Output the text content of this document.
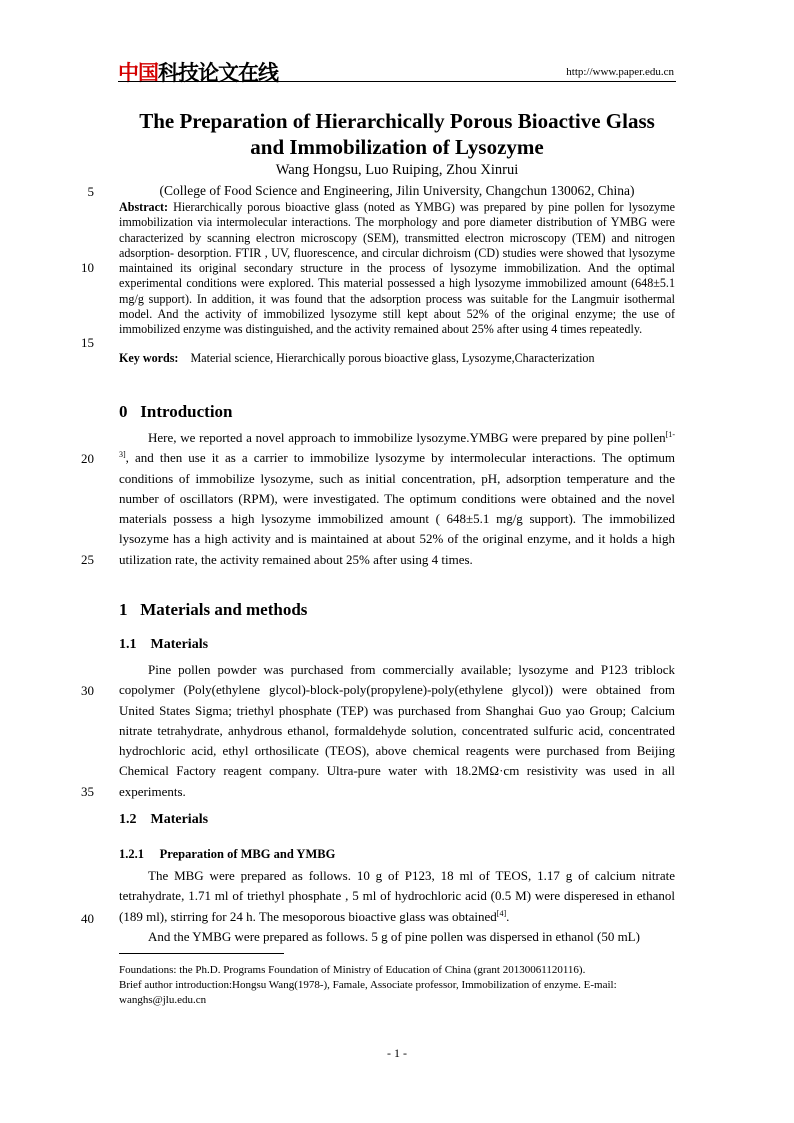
中国科技论文在线	http://www.paper.edu.cn
The Preparation of Hierarchically Porous Bioactive Glass
and Immobilization of Lysozyme
Wang Hongsu, Luo Ruiping, Zhou Xinrui
(College of Food Science and Engineering, Jilin University, Changchun 130062, China)
5
10
15
20
25
30
35
40
Abstract: Hierarchically porous bioactive glass (noted as YMBG) was prepared by pine pollen for lysozyme immobilization via intermolecular interactions. The morphology and pore diameter distribution of YMBG were characterized by scanning electron microscopy (SEM), transmitted electron microscopy (TEM) and nitrogen adsorption- desorption. FTIR , UV, fluorescence, and circular dichroism (CD) studies were showed that lysozyme maintained its original secondary structure in the process of lysozyme immobilization. And the optimal experimental conditions were explored. This material possessed a high lysozyme immobilized amount (648±5.1 mg/g support). In addition, it was found that the adsorption process was suitable for the Langmuir isothermal model. And the activity of immobilized lysozyme still kept about 52% of the original enzyme; the use of immobilized enzyme was distinguished, and the activity remained about 25% after using 4 times repeatedly.
Key words: Material science, Hierarchically porous bioactive glass, Lysozyme,Characterization
0   Introduction
Here, we reported a novel approach to immobilize lysozyme.YMBG were prepared by pine pollen[1-3], and then use it as a carrier to immobilize lysozyme by intermolecular interactions. The optimum conditions of immobilize lysozyme, such as initial concentration, pH, adsorption temperature and the number of oscillators (RPM), were investigated. The optimum conditions were obtained and the novel materials possess a high lysozyme immobilized amount ( 648±5.1 mg/g support). The immobilized lysozyme has a high activity and is maintained at about 52% of the original enzyme, and it holds a high utilization rate, the activity remained about 25% after using 4 times.
1   Materials and methods
1.1    Materials
Pine pollen powder was purchased from commercially available; lysozyme and P123 triblock copolymer (Poly(ethylene glycol)-block-poly(propylene)-poly(ethylene glycol)) were obtained from United States Sigma; triethyl phosphate (TEP) was purchased from Shanghai Guo yao Group; Calcium nitrate tetrahydrate, anhydrous ethanol, formaldehyde solution, concentrated sulfuric acid, concentrated hydrochloric acid, ethyl orthosilicate (TEOS), above chemical reagents were purchased from Beijing Chemical Factory reagent company. Ultra-pure water with 18.2MΩ·cm resistivity was used in all experiments.
1.2    Materials
1.2.1     Preparation of MBG and YMBG
The MBG were prepared as follows. 10 g of P123, 18 ml of TEOS, 1.17 g of calcium nitrate tetrahydrate, 1.71 ml of triethyl phosphate , 5 ml of hydrochloric acid (0.5 M) were disperesed in ethanol (189 ml), stirring for 24 h. The mesoporous bioactive glass was obtained[4].
And the YMBG were prepared as follows. 5 g of pine pollen was dispersed in ethanol (50 mL)
Foundations: the Ph.D. Programs Foundation of Ministry of Education of China (grant 20130061120116).
Brief author introduction:Hongsu Wang(1978-), Famale, Associate professor, Immobilization of enzyme. E-mail: wanghs@jlu.edu.cn
- 1 -
